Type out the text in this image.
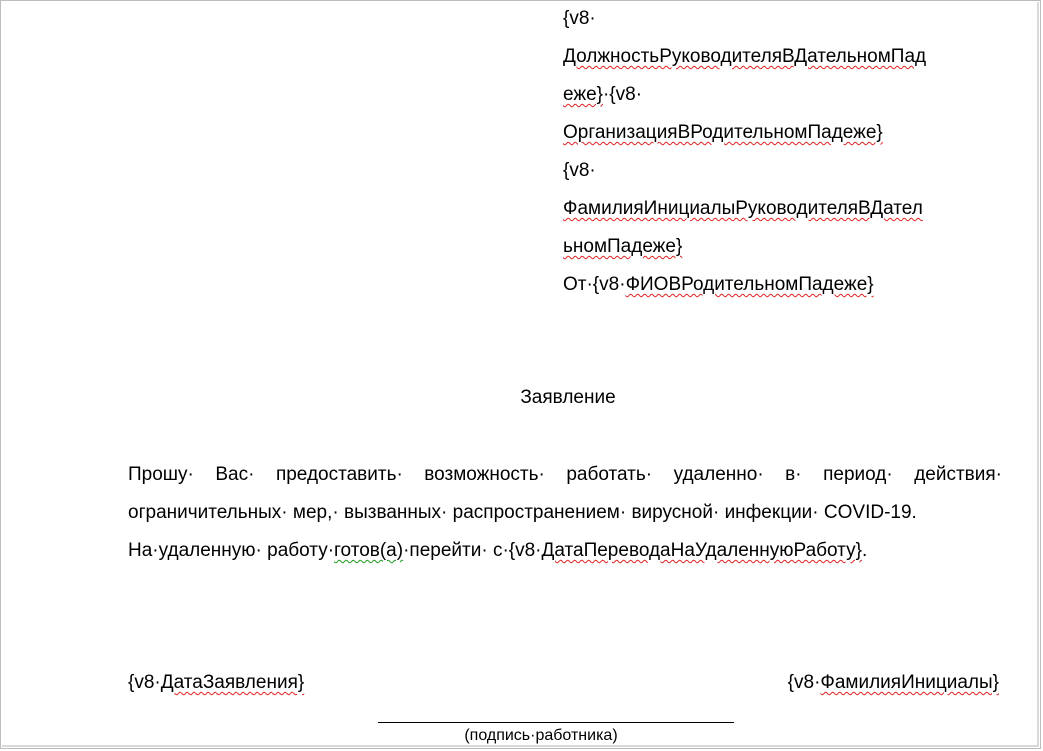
{v8·
ДолжностьРуководителяВДательномПад
еже}·{v8·
ОрганизацияВРодительномПадеже}
{v8·
ФамилияИнициалыРуководителяВДател
ьномПадеже}
От·{v8·ФИОВРодительномПадеже}
Заявление
Прошу· Вас· предоставить· возможность· работать· удаленно· в· период· действия· ограничительных· мер,· вызванных· распространением· вирусной· инфекции· COVID-19.
На·удаленную· работу·готов(а)·перейти· с·{v8·ДатаПереводаНаУдаленнуюРаботу}.
{v8·ДатаЗаявления}	{v8·ФамилияИнициалы}
(подпись·работника)
